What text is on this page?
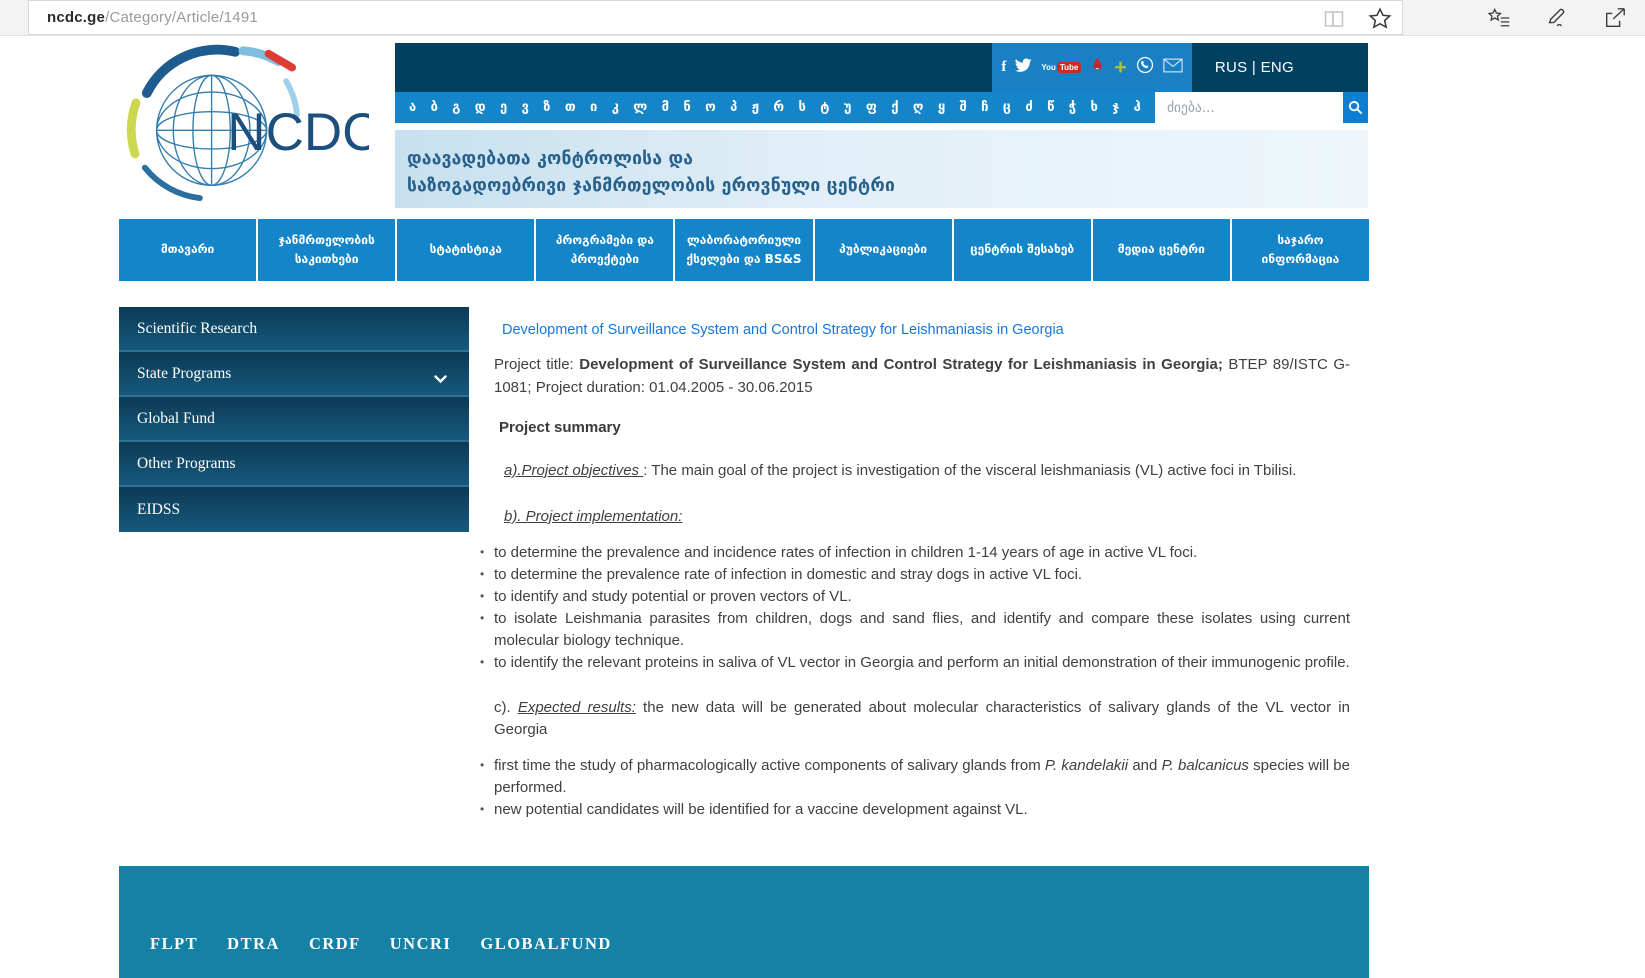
ncdc.ge/Category/Article/1491
NCDC
f	You Tube +	RUS | ENG
ა ბ გ დ ე ვ ზ თ ი კ ლ მ ნ ო პ ჟ რ ს ტ უ ფ ქ ღ ყ შ ჩ ც ძ წ ჭ ხ ჯ ჰ
ძიება...
დაავადებათა კონტროლისა და
საზოგადოებრივი ჯანმრთელობის ეროვნული ცენტრი
მთავარი
ჯანმრთელობის საკითხები
სტატისტიკა
პროგრამები და პროექტები
ლაბორატორიული ქსელები და BS&S
პუბლიკაციები	ცენტრის შესახებ	მედია ცენტრი
საჯარო ინფორმაცია
Scientific Research
State Programs
Global Fund
Other Programs
EIDSS
Development of Surveillance System and Control Strategy for Leishmaniasis in Georgia

Project title: Development of Surveillance System and Control Strategy for Leishmaniasis in Georgia; BTEP 89/ISTC G-1081; Project duration: 01.04.2005 - 30.06.2015

Project summary

a).Project objectives : The main goal of the project is investigation of the visceral leishmaniasis (VL) active foci in Tbilisi.

b). Project implementation:

• to determine the prevalence and incidence rates of infection in children 1-14 years of age in active VL foci.
• to determine the prevalence rate of infection in domestic and stray dogs in active VL foci.
• to identify and study potential or proven vectors of VL.
• to isolate Leishmania parasites from children, dogs and sand flies, and identify and compare these isolates using current molecular biology technique.
• to identify the relevant proteins in saliva of VL vector in Georgia and perform an initial demonstration of their immunogenic profile.

c). Expected results: the new data will be generated about molecular characteristics of salivary glands of the VL vector in Georgia

• first time the study of pharmacologically active components of salivary glands from P. kandelakii and P. balcanicus species will be performed.
• new potential candidates will be identified for a vaccine development against VL.
FLPT DTRA CRDF UNCRI GLOBALFUND
